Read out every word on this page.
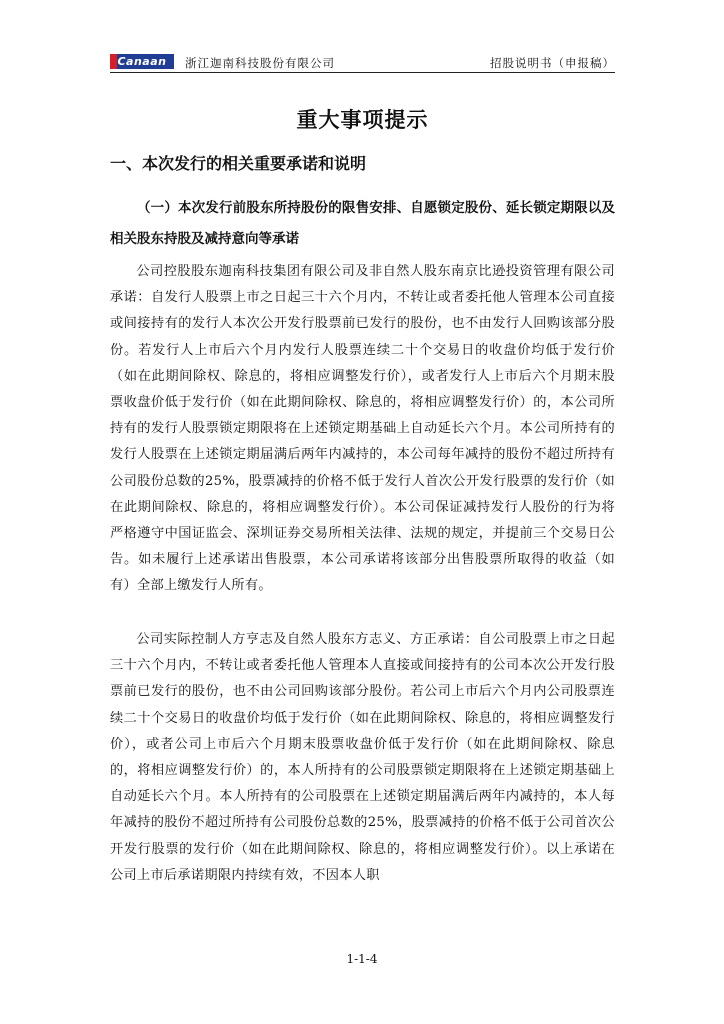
Canaan	浙江迦南科技股份有限公司	招股说明书（申报稿）
重大事项提示
一、本次发行的相关重要承诺和说明

（一）本次发行前股东所持股份的限售安排、自愿锁定股份、延长锁定期限以及相关股东持股及减持意向等承诺

公司控股股东迦南科技集团有限公司及非自然人股东南京比逊投资管理有限公司承诺：自发行人股票上市之日起三十六个月内，不转让或者委托他人管理本公司直接或间接持有的发行人本次公开发行股票前已发行的股份，也不由发行人回购该部分股份。若发行人上市后六个月内发行人股票连续二十个交易日的收盘价均低于发行价（如在此期间除权、除息的，将相应调整发行价），或者发行人上市后六个月期末股票收盘价低于发行价（如在此期间除权、除息的，将相应调整发行价）的，本公司所持有的发行人股票锁定期限将在上述锁定期基础上自动延长六个月。本公司所持有的发行人股票在上述锁定期届满后两年内减持的，本公司每年减持的股份不超过所持有公司股份总数的25%，股票减持的价格不低于发行人首次公开发行股票的发行价（如在此期间除权、除息的，将相应调整发行价）。本公司保证减持发行人股份的行为将严格遵守中国证监会、深圳证券交易所相关法律、法规的规定，并提前三个交易日公告。如未履行上述承诺出售股票，本公司承诺将该部分出售股票所取得的收益（如有）全部上缴发行人所有。

公司实际控制人方亨志及自然人股东方志义、方正承诺：自公司股票上市之日起三十六个月内，不转让或者委托他人管理本人直接或间接持有的公司本次公开发行股票前已发行的股份，也不由公司回购该部分股份。若公司上市后六个月内公司股票连续二十个交易日的收盘价均低于发行价（如在此期间除权、除息的，将相应调整发行价），或者公司上市后六个月期末股票收盘价低于发行价（如在此期间除权、除息的，将相应调整发行价）的，本人所持有的公司股票锁定期限将在上述锁定期基础上自动延长六个月。本人所持有的公司股票在上述锁定期届满后两年内减持的，本人每年减持的股份不超过所持有公司股份总数的25%，股票减持的价格不低于公司首次公开发行股票的发行价（如在此期间除权、除息的，将相应调整发行价）。以上承诺在公司上市后承诺期限内持续有效，不因本人职

1-1-4
